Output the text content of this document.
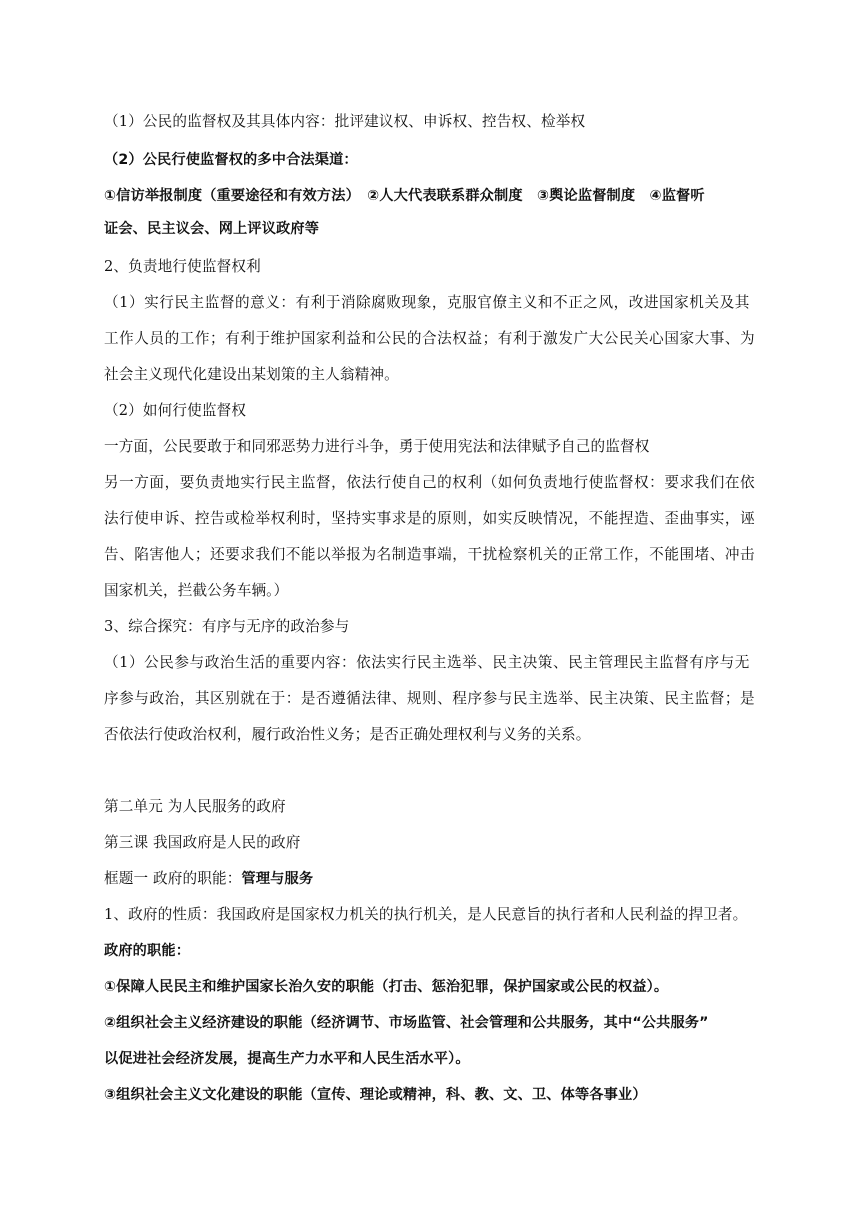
（1）公民的监督权及其具体内容：批评建议权、申诉权、控告权、检举权
（2）公民行使监督权的多中合法渠道：
①信访举报制度（重要途径和有效方法）　②人大代表联系群众制度　③舆论监督制度　④监督听
证会、民主议会、网上评议政府等
2、负责地行使监督权利
（1）实行民主监督的意义：有利于消除腐败现象，克服官僚主义和不正之风，改进国家机关及其
工作人员的工作；有利于维护国家利益和公民的合法权益；有利于激发广大公民关心国家大事、为
社会主义现代化建设出某划策的主人翁精神。
（2）如何行使监督权
一方面，公民要敢于和同邪恶势力进行斗争，勇于使用宪法和法律赋予自己的监督权
另一方面，要负责地实行民主监督，依法行使自己的权利（如何负责地行使监督权：要求我们在依
法行使申诉、控告或检举权利时，坚持实事求是的原则，如实反映情况，不能捏造、歪曲事实，诬
告、陷害他人；还要求我们不能以举报为名制造事端，干扰检察机关的正常工作，不能围堵、冲击
国家机关，拦截公务车辆。）
3、综合探究：有序与无序的政治参与
（1）公民参与政治生活的重要内容：依法实行民主选举、民主决策、民主管理民主监督有序与无
序参与政治，其区别就在于：是否遵循法律、规则、程序参与民主选举、民主决策、民主监督；是
否依法行使政治权利，履行政治性义务；是否正确处理权利与义务的关系。
第二单元 为人民服务的政府
第三课 我国政府是人民的政府
框题一 政府的职能：管理与服务
1、政府的性质：我国政府是国家权力机关的执行机关，是人民意旨的执行者和人民利益的捍卫者。
政府的职能：
①保障人民民主和维护国家长治久安的职能（打击、惩治犯罪，保护国家或公民的权益）。
②组织社会主义经济建设的职能（经济调节、市场监管、社会管理和公共服务，其中“公共服务”
以促进社会经济发展，提高生产力水平和人民生活水平）。
③组织社会主义文化建设的职能（宣传、理论或精神，科、教、文、卫、体等各事业）
